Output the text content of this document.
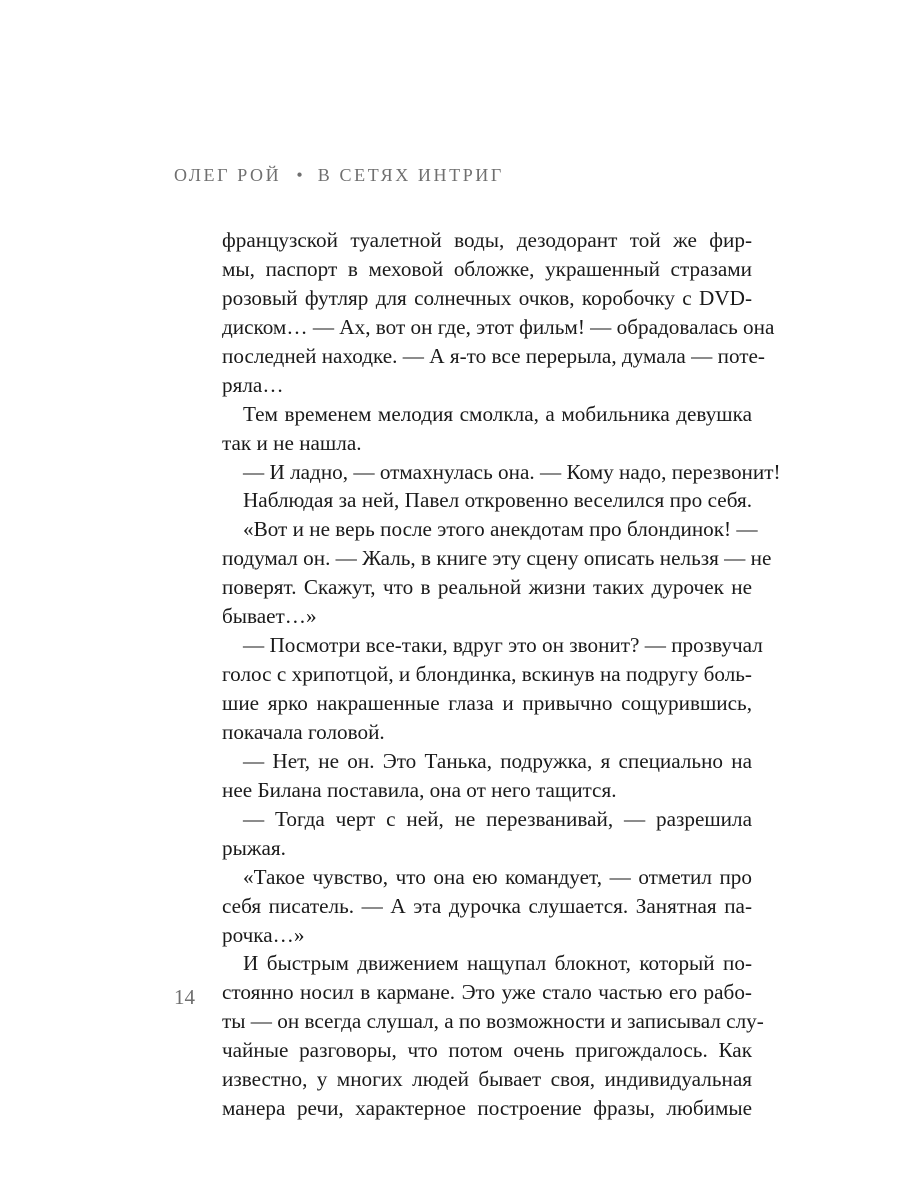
ОЛЕГ РОЙ • В СЕТЯХ ИНТРИГ
французской туалетной воды, дезодорант той же фир-
мы, паспорт в меховой обложке, украшенный стразами
розовый футляр для солнечных очков, коробочку с DVD-
диском… — Ах, вот он где, этот фильм! — обрадовалась она
последней находке. — А я-то все перерыла, думала — поте-
ряла…
Тем временем мелодия смолкла, а мобильника девушка
так и не нашла.
— И ладно, — отмахнулась она. — Кому надо, перезвонит!
Наблюдая за ней, Павел откровенно веселился про себя.
«Вот и не верь после этого анекдотам про блондинок! —
подумал он. — Жаль, в книге эту сцену описать нельзя — не
поверят. Скажут, что в реальной жизни таких дурочек не
бывает…»
— Посмотри все-таки, вдруг это он звонит? — прозвучал
голос с хрипотцой, и блондинка, вскинув на подругу боль-
шие ярко накрашенные глаза и привычно сощурившись,
покачала головой.
— Нет, не он. Это Танька, подружка, я специально на
нее Билана поставила, она от него тащится.
— Тогда черт с ней, не перезванивай, — разрешила
рыжая.
«Такое чувство, что она ею командует, — отметил про
себя писатель. — А эта дурочка слушается. Занятная па-
рочка…»
И быстрым движением нащупал блокнот, который по-
стоянно носил в кармане. Это уже стало частью его рабо-
ты — он всегда слушал, а по возможности и записывал слу-
чайные разговоры, что потом очень пригождалось. Как
известно, у многих людей бывает своя, индивидуальная
манера речи, характерное построение фразы, любимые
14
